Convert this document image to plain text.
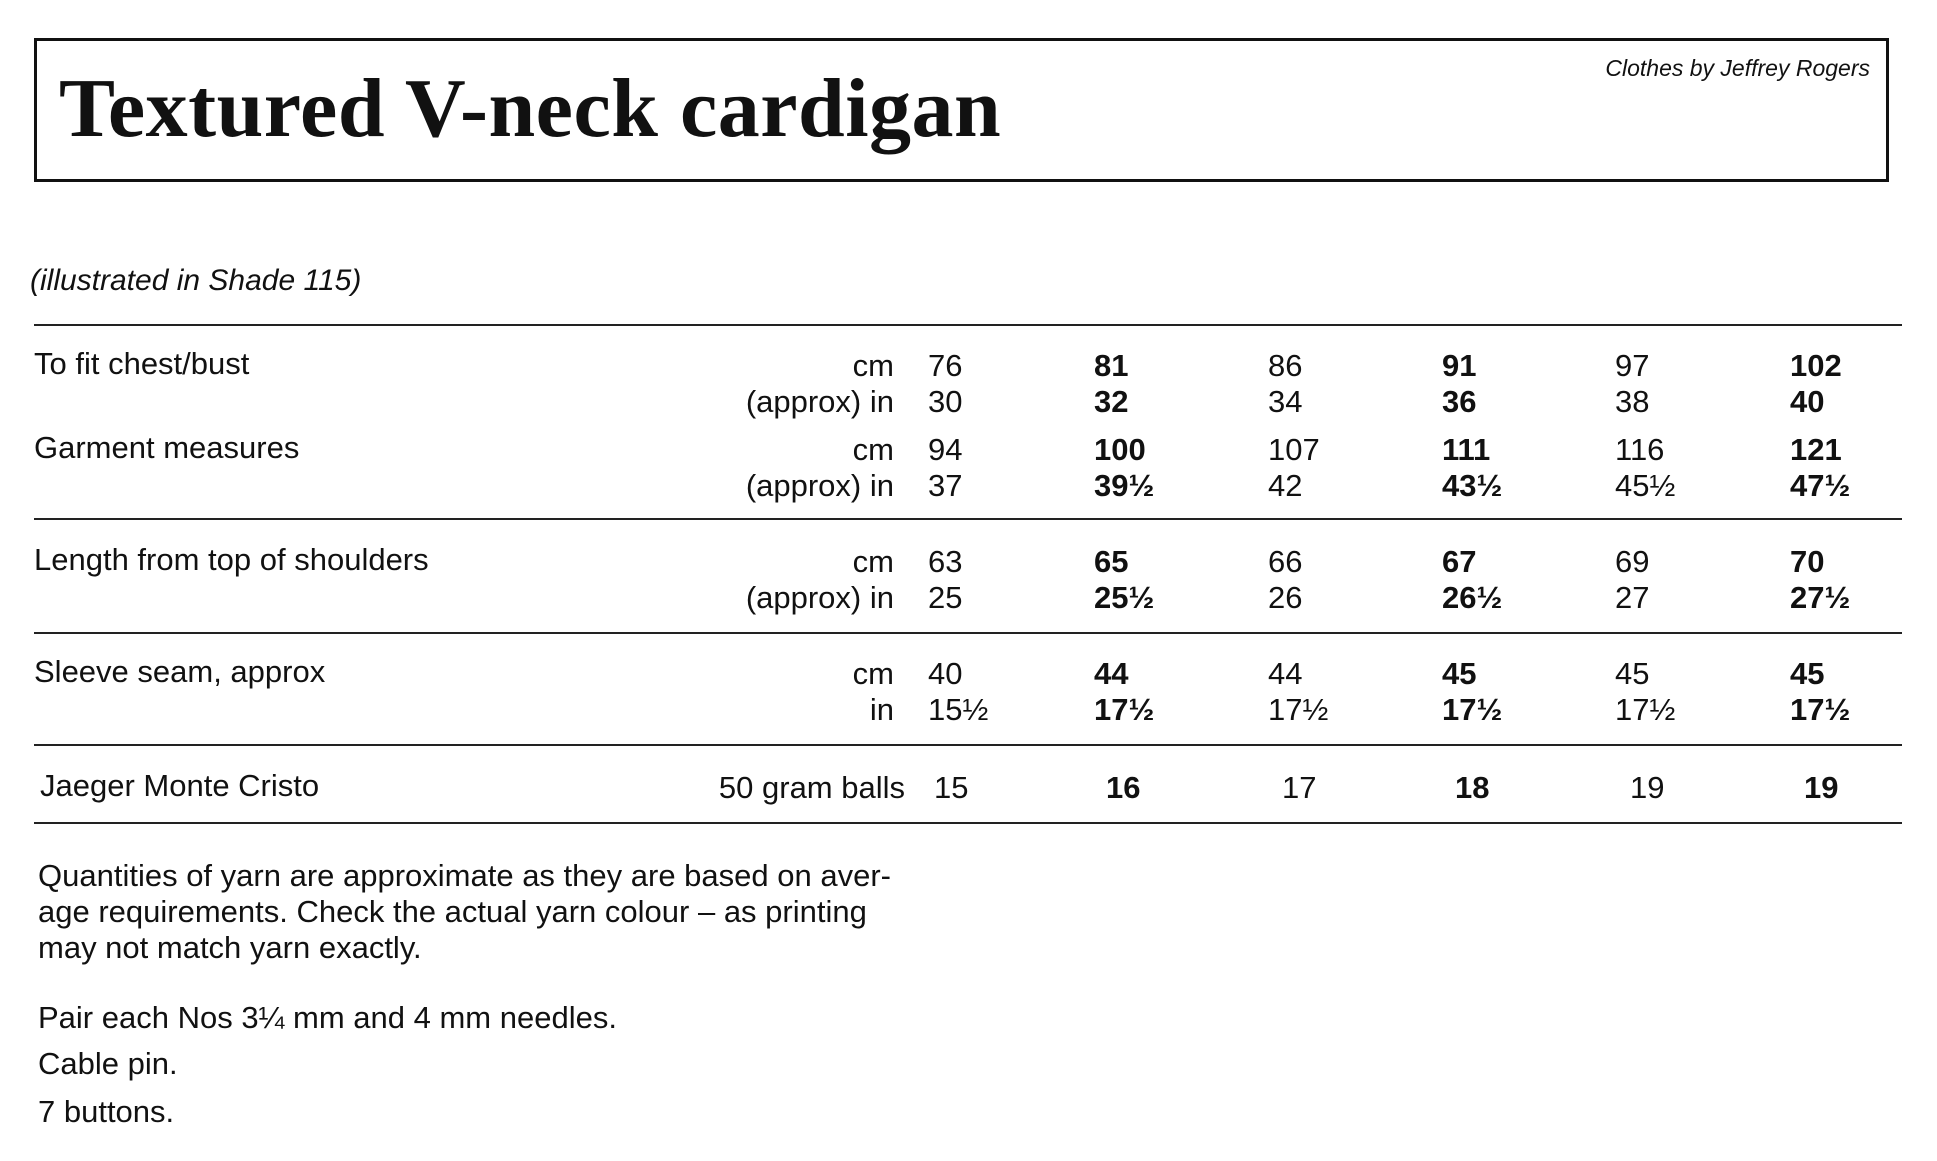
Textured V-neck cardigan	Clothes by Jeffrey Rogers
(illustrated in Shade 115)
To fit chest/bust	cm 76	81	86	91	97	102
(approx) in 30	32	34	36	38	40
Garment measures	cm 94	100	107	111	116	121
(approx) in 37	39½	42	43½	45½	47½
Length from top of shoulders	cm 63	65	66	67	69	70
(approx) in 25	25½	26	26½	27	27½
Sleeve seam, approx	cm 40	44	44	45	45	45
in 15½	17½	17½	17½	17½	17½
Jaeger Monte Cristo	50 gram balls 15	16	17	18	19	19
Quantities of yarn are approximate as they are based on aver-
age requirements. Check the actual yarn colour – as printing
may not match yarn exactly.
Pair each Nos 3¼ mm and 4 mm needles.
Cable pin.
7 buttons.
